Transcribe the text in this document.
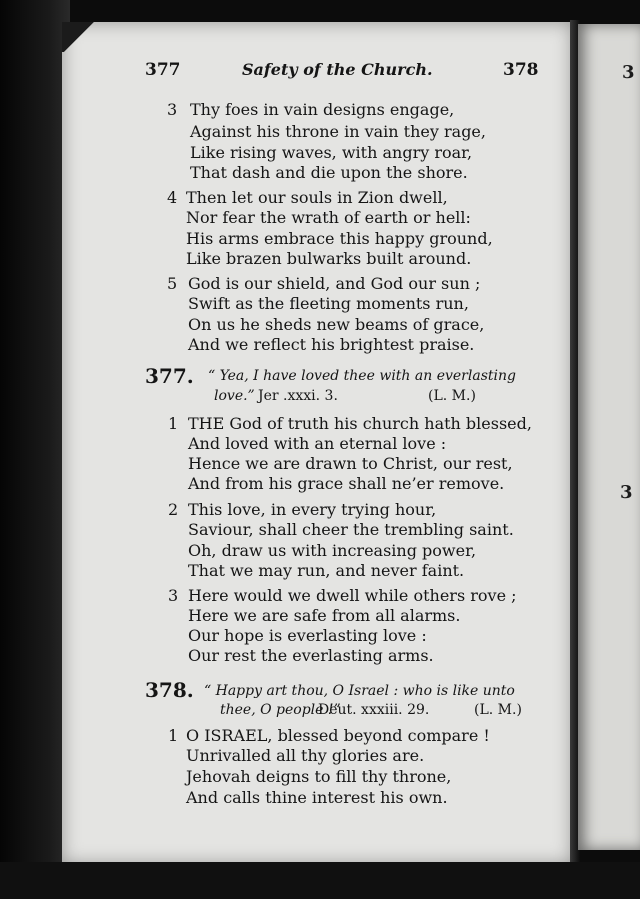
3
3
377	Safety of the Church.	378
3 Thy foes in vain designs engage,
Against his throne in vain they rage,
Like rising waves, with angry roar,
That dash and die upon the shore.
4 Then let our souls in Zion dwell,
Nor fear the wrath of earth or hell:
His arms embrace this happy ground,
Like brazen bulwarks built around.
5 God is our shield, and God our sun ;
Swift as the fleeting moments run,
On us he sheds new beams of grace,
And we reflect his brightest praise.
377. “ Yea, I have loved thee with an everlasting
love.” Jer .xxxi. 3.	(L. M.)
1 THE God of truth his church hath blessed,
And loved with an eternal love :
Hence we are drawn to Christ, our rest,
And from his grace shall ne’er remove.
2 This love, in every trying hour,
Saviour, shall cheer the trembling saint.
Oh, draw us with increasing power,
That we may run, and never faint.
3 Here would we dwell while others rove ;
Here we are safe from all alarms.
Our hope is everlasting love :
Our rest the everlasting arms.
378. “ Happy art thou, O Israel : who is like unto
thee, O people !”
Deut. xxxiii. 29.	(L. M.)
1 O ISRAEL, blessed beyond compare !
Unrivalled all thy glories are.
Jehovah deigns to fill thy throne,
And calls thine interest his own.
